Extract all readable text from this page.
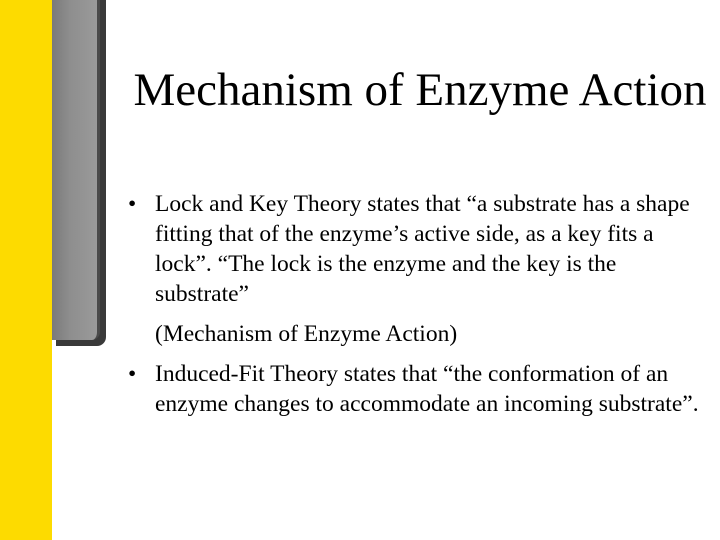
Mechanism of Enzyme Action

• Lock and Key Theory states that “a substrate has a shape fitting that of the enzyme’s active side, as a key fits a lock”. “The lock is the enzyme and the key is the substrate”

(Mechanism of Enzyme Action)

• Induced-Fit Theory states that “the conformation of an enzyme changes to accommodate an incoming substrate”.
